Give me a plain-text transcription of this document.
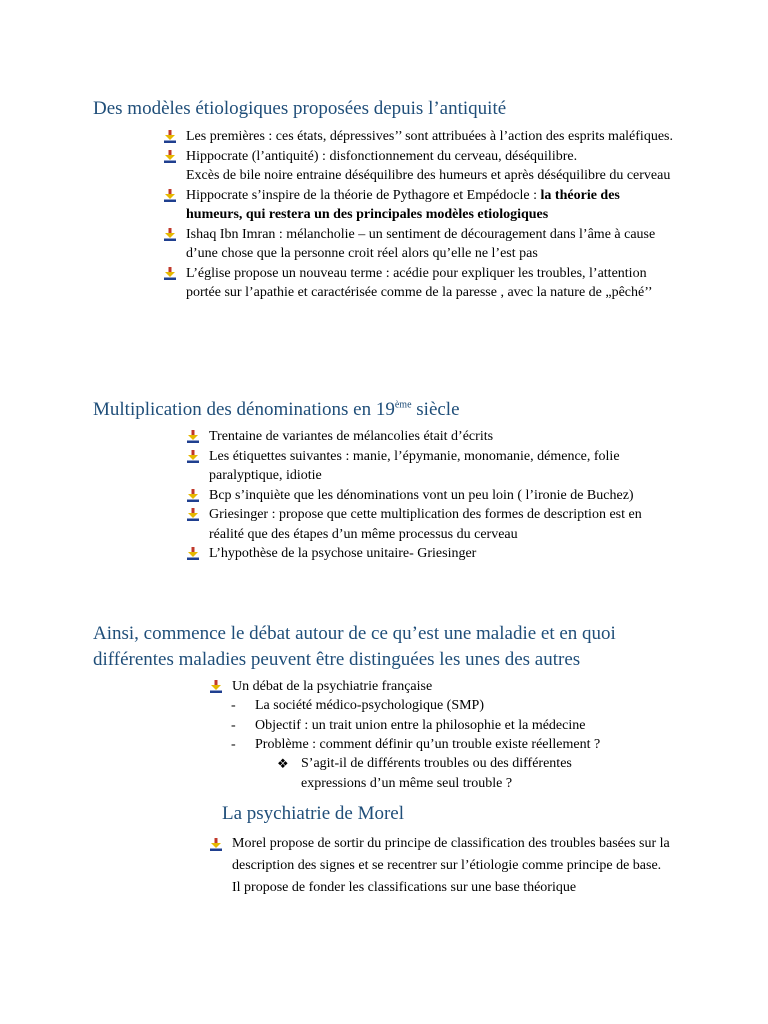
Des modèles étiologiques proposées depuis l’antiquité
Les premières : ces états, dépressives’’ sont attribuées à l’action des esprits maléfiques.
Hippocrate (l’antiquité) : disfonctionnement du cerveau, déséquilibre.
Excès de bile noire entraine déséquilibre des humeurs et après déséquilibre du cerveau
Hippocrate s’inspire de la théorie de Pythagore et Empédocle : la théorie des humeurs, qui restera un des principales modèles etiologiques
Ishaq Ibn Imran : mélancholie – un sentiment de découragement dans l’âme à cause d’une chose que la personne croit réel alors qu’elle ne l’est pas
L’église propose un nouveau terme : acédie pour expliquer les troubles, l’attention portée sur l’apathie et caractérisée comme de la paresse , avec la nature de „pêché’’
Multiplication des dénominations en 19ème siècle
Trentaine de variantes de mélancolies était d’écrits
Les étiquettes suivantes : manie, l’épymanie, monomanie, démence, folie paralyptique, idiotie
Bcp s’inquiète que les dénominations vont un peu loin ( l’ironie de Buchez)
Griesinger : propose que cette multiplication des formes de description est en réalité que des étapes d’un même processus du cerveau
L’hypothèse de la psychose unitaire- Griesinger
Ainsi, commence le débat autour de ce qu’est une maladie et en quoi différentes maladies peuvent être distinguées les unes des autres
Un débat de la psychiatrie française
- La société médico-psychologique (SMP)
- Objectif : un trait union entre la philosophie et la médecine
- Problème : comment définir qu’un trouble existe réellement ?
❖ S’agit-il de différents troubles ou des différentes expressions d’un même seul trouble ?
La psychiatrie de Morel
Morel propose de sortir du principe de classification des troubles basées sur la description des signes et se recentrer sur l’étiologie comme principe de base. Il propose de fonder les classifications sur une base théorique
